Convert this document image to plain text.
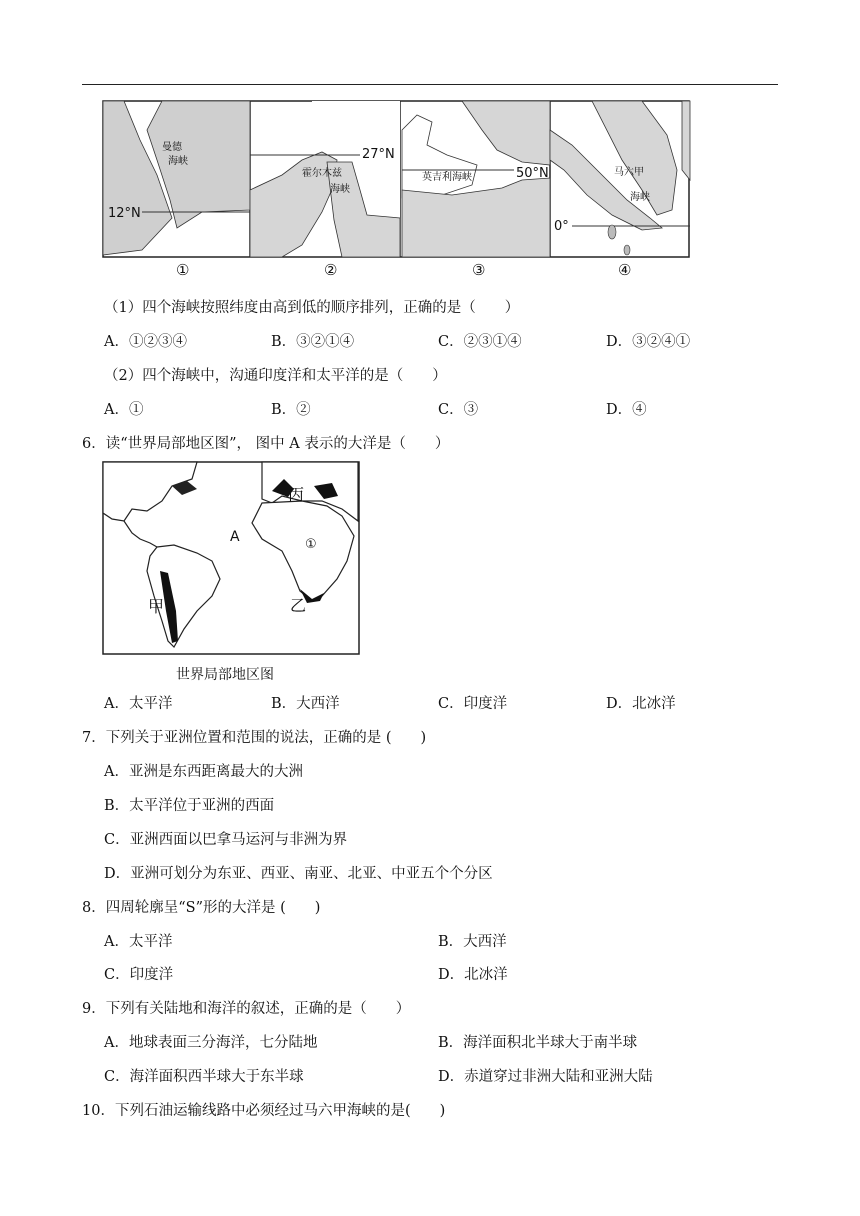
曼德
海峡
霍尔木兹
海峡
英吉利海峡	马六甲
海峡
12°N
27°N
50°N
0°
①	②	③	④
（1）四个海峡按照纬度由高到低的顺序排列，正确的是（　　）
A．①②③④	B．③②①④	C．②③①④	D．③②④①
（2）四个海峡中，沟通印度洋和太平洋的是（　　）
A．①	B．②	C．③	D．④
6．读“世界局部地区图”， 图中 A 表示的大洋是（　　）
A
丙
①
甲	乙
世界局部地区图
A．太平洋	B．大西洋	C．印度洋	D．北冰洋
7．下列关于亚洲位置和范围的说法，正确的是 (　　)
A．亚洲是东西距离最大的大洲
B．太平洋位于亚洲的西面
C．亚洲西面以巴拿马运河与非洲为界
D．亚洲可划分为东亚、西亚、南亚、北亚、中亚五个个分区
8．四周轮廓呈“S”形的大洋是 (　　)
A．太平洋	B．大西洋
C．印度洋	D．北冰洋
9．下列有关陆地和海洋的叙述，正确的是（　　）
A．地球表面三分海洋，七分陆地	B．海洋面积北半球大于南半球
C．海洋面积西半球大于东半球	D．赤道穿过非洲大陆和亚洲大陆
10．下列石油运输线路中必须经过马六甲海峡的是(　　)
